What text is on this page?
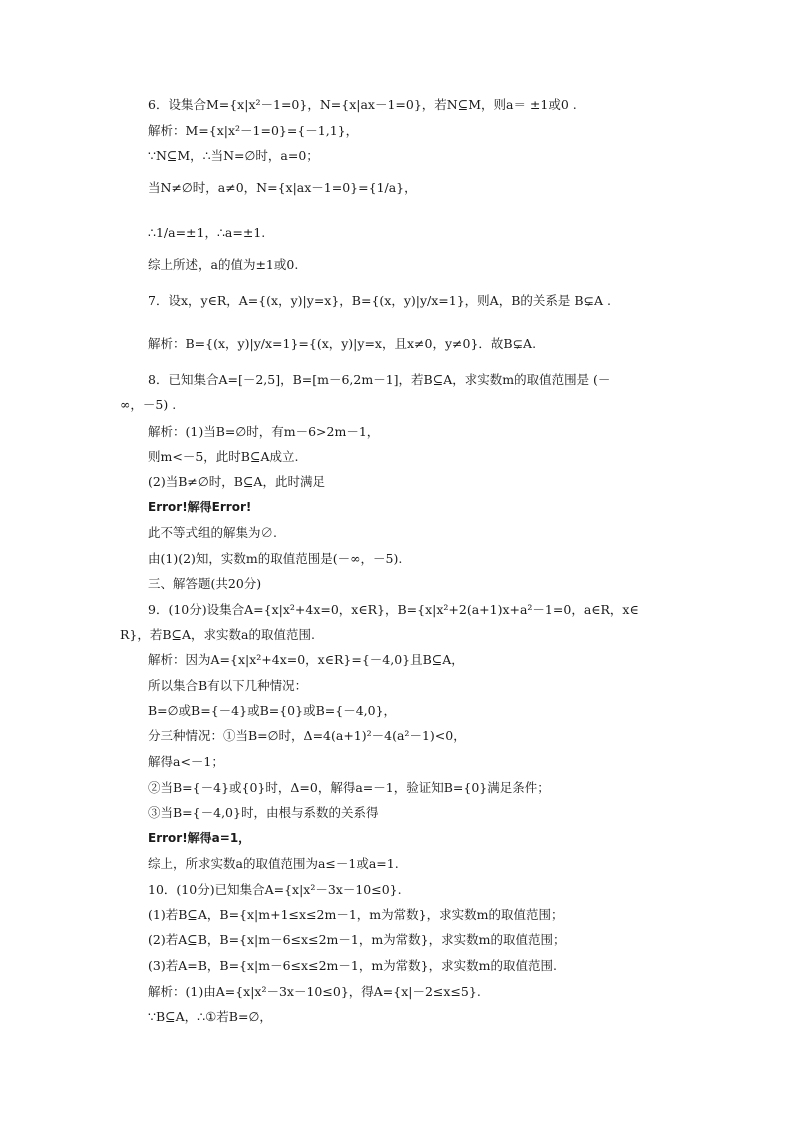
6．设集合M={x|x²－1=0}，N={x|ax－1=0}，若N⊆M，则a＝ ±1或0 .
解析：M={x|x²－1=0}={－1,1}，
∵N⊆M，∴当N=∅时，a=0；
当N≠∅时，a≠0，N={x|ax－1=0}={1/a}，
∴1/a=±1，∴a=±1.
综上所述，a的值为±1或0.
7．设x，y∈R，A={(x，y)|y=x}，B={(x，y)|y/x=1}，则A，B的关系是 B⊊A .
解析：B={(x，y)|y/x=1}={(x，y)|y=x，且x≠0，y≠0}．故B⊊A.
8．已知集合A=[－2,5]，B=[m－6,2m－1]，若B⊆A，求实数m的取值范围是 (－
∞，－5) .
解析：(1)当B=∅时，有m－6>2m－1，
则m<－5，此时B⊆A成立.
(2)当B≠∅时，B⊆A，此时满足
Error!解得Error!
此不等式组的解集为∅.
由(1)(2)知，实数m的取值范围是(－∞，－5).
三、解答题(共20分)
9．(10分)设集合A={x|x²+4x=0，x∈R}，B={x|x²+2(a+1)x+a²－1=0，a∈R，x∈
R}，若B⊆A，求实数a的取值范围.
解析：因为A={x|x²+4x=0，x∈R}={－4,0}且B⊆A，
所以集合B有以下几种情况：
B=∅或B={－4}或B={0}或B={－4,0}，
分三种情况：①当B=∅时，Δ=4(a+1)²－4(a²－1)<0，
解得a<－1；
②当B={－4}或{0}时，Δ=0，解得a=－1，验证知B={0}满足条件；
③当B={－4,0}时，由根与系数的关系得
Error!解得a=1，
综上，所求实数a的取值范围为a≤－1或a=1.
10．(10分)已知集合A={x|x²－3x－10≤0}.
(1)若B⊆A，B={x|m+1≤x≤2m－1，m为常数}，求实数m的取值范围；
(2)若A⊆B，B={x|m－6≤x≤2m－1，m为常数}，求实数m的取值范围；
(3)若A=B，B={x|m－6≤x≤2m－1，m为常数}，求实数m的取值范围.
解析：(1)由A={x|x²－3x－10≤0}，得A={x|－2≤x≤5}.
∵B⊆A，∴①若B=∅，
